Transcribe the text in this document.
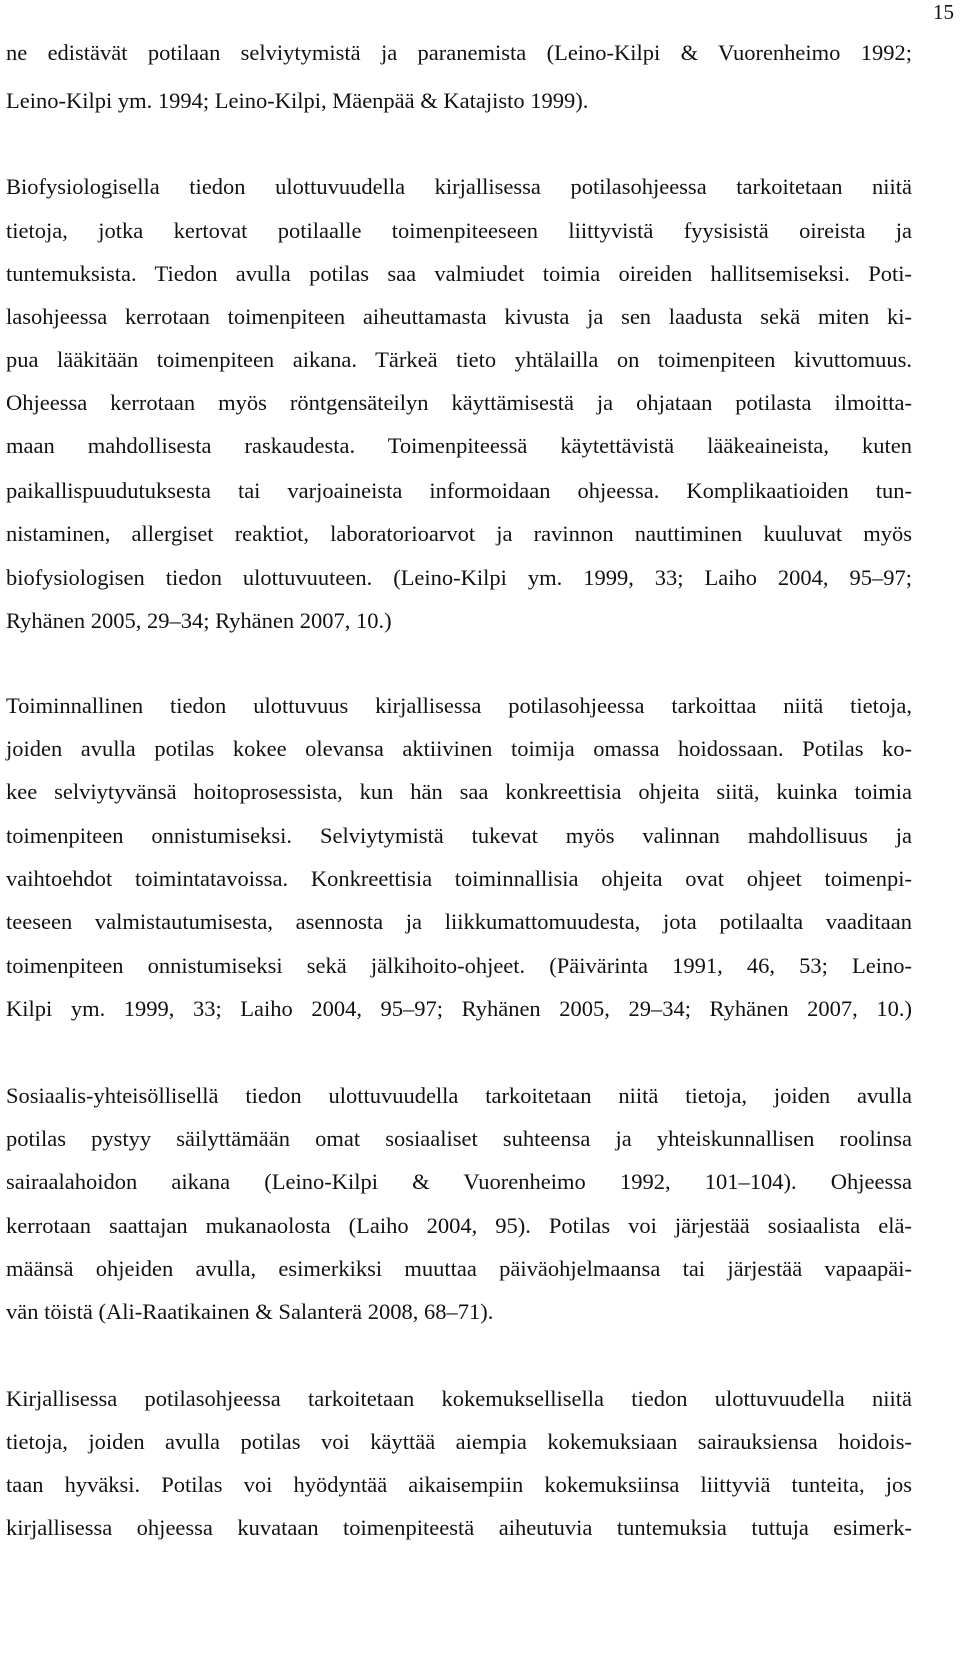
15
ne edistävät potilaan selviytymistä ja paranemista (Leino-Kilpi & Vuorenheimo 1992;
Leino-Kilpi ym. 1994; Leino-Kilpi, Mäenpää & Katajisto 1999).
Biofysiologisella tiedon ulottuvuudella kirjallisessa potilasohjeessa tarkoitetaan niitä
tietoja, jotka kertovat potilaalle toimenpiteeseen liittyvistä fyysisistä oireista ja
tuntemuksista. Tiedon avulla potilas saa valmiudet toimia oireiden hallitsemiseksi. Poti-
lasohjeessa kerrotaan toimenpiteen aiheuttamasta kivusta ja sen laadusta sekä miten ki-
pua lääkitään toimenpiteen aikana. Tärkeä tieto yhtälailla on toimenpiteen kivuttomuus.
Ohjeessa kerrotaan myös röntgensäteilyn käyttämisestä ja ohjataan potilasta ilmoitta-
maan mahdollisesta raskaudesta. Toimenpiteessä käytettävistä lääkeaineista, kuten
paikallispuudutuksesta tai varjoaineista informoidaan ohjeessa. Komplikaatioiden tun-
nistaminen, allergiset reaktiot, laboratorioarvot ja ravinnon nauttiminen kuuluvat myös
biofysiologisen tiedon ulottuvuuteen. (Leino-Kilpi ym. 1999, 33; Laiho 2004, 95–97;
Ryhänen 2005, 29–34; Ryhänen 2007, 10.)
Toiminnallinen tiedon ulottuvuus kirjallisessa potilasohjeessa tarkoittaa niitä tietoja,
joiden avulla potilas kokee olevansa aktiivinen toimija omassa hoidossaan. Potilas ko-
kee selviytyvänsä hoitoprosessista, kun hän saa konkreettisia ohjeita siitä, kuinka toimia
toimenpiteen onnistumiseksi. Selviytymistä tukevat myös valinnan mahdollisuus ja
vaihtoehdot toimintatavoissa. Konkreettisia toiminnallisia ohjeita ovat ohjeet toimenpi-
teeseen valmistautumisesta, asennosta ja liikkumattomuudesta, jota potilaalta vaaditaan
toimenpiteen onnistumiseksi sekä jälkihoito-ohjeet. (Päivärinta 1991, 46, 53; Leino-
Kilpi ym. 1999, 33; Laiho 2004, 95–97; Ryhänen 2005, 29–34; Ryhänen 2007, 10.)
Sosiaalis-yhteisöllisellä tiedon ulottuvuudella tarkoitetaan niitä tietoja, joiden avulla
potilas pystyy säilyttämään omat sosiaaliset suhteensa ja yhteiskunnallisen roolinsa
sairaalahoidon aikana (Leino-Kilpi & Vuorenheimo 1992, 101–104). Ohjeessa
kerrotaan saattajan mukanaolosta (Laiho 2004, 95). Potilas voi järjestää sosiaalista elä-
määnsä ohjeiden avulla, esimerkiksi muuttaa päiväohjelmaansa tai järjestää vapaapäi-
vän töistä (Ali-Raatikainen & Salanterä 2008, 68–71).
Kirjallisessa potilasohjeessa tarkoitetaan kokemuksellisella tiedon ulottuvuudella niitä
tietoja, joiden avulla potilas voi käyttää aiempia kokemuksiaan sairauksiensa hoidois-
taan hyväksi. Potilas voi hyödyntää aikaisempiin kokemuksiinsa liittyviä tunteita, jos
kirjallisessa ohjeessa kuvataan toimenpiteestä aiheutuvia tuntemuksia tuttuja esimerk-
